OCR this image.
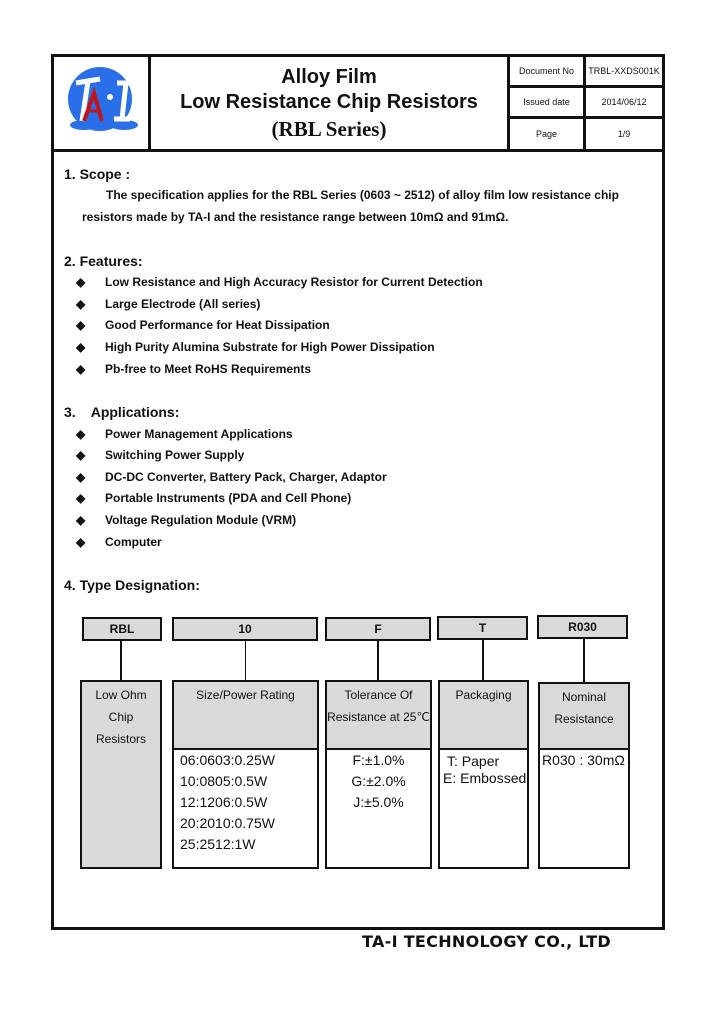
Alloy Film
Low Resistance Chip Resistors
(RBL Series)
Document No	TRBL-XXDS001K
Issued date	2014/06/12
Page	1/9
1. Scope :
The specification applies for the RBL Series (0603 ~ 2512) of alloy film low resistance chip
resistors made by TA-I and the resistance range between 10mΩ and 91mΩ.
2. Features:
◆ Low Resistance and High Accuracy Resistor for Current Detection
◆ Large Electrode (All series)
◆ Good Performance for Heat Dissipation
◆ High Purity Alumina Substrate for High Power Dissipation
◆ Pb-free to Meet RoHS Requirements
3.    Applications:
◆ Power Management Applications
◆ Switching Power Supply
◆ DC-DC Converter, Battery Pack, Charger, Adaptor
◆ Portable Instruments (PDA and Cell Phone)
◆ Voltage Regulation Module (VRM)
◆ Computer
4. Type Designation:
RBL	10	F	T	R030
Low Ohm
Chip Resistors
Size/Power Rating
06:0603:0.25W
10:0805:0.5W
12:1206:0.5W
20:2010:0.75W
25:2512:1W
Tolerance Of
Resistance at 25℃
F:±1.0%
G:±2.0%
J:±5.0%
Packaging
T: Paper
E: Embossed
Nominal
Resistance
R030 : 30mΩ
TA-I TECHNOLOGY CO., LTD
